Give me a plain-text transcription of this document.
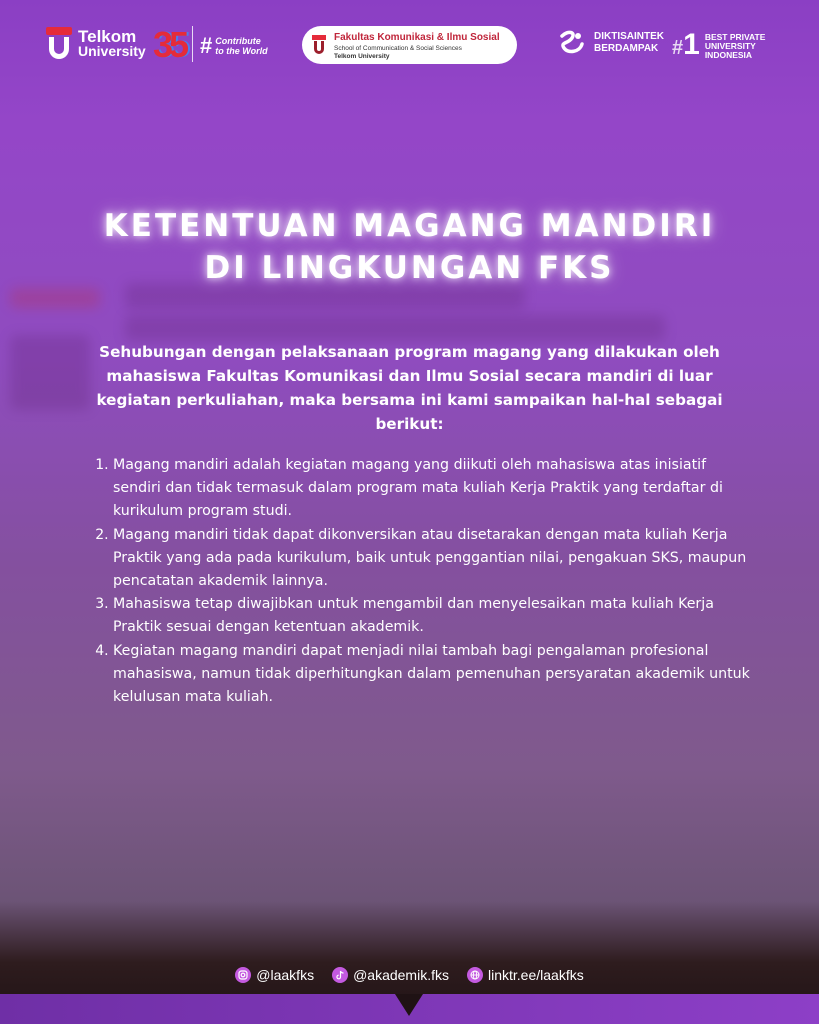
Telkom
University 35 # Contribute
to the World
Fakultas Komunikasi & Ilmu Sosial
School of Communication & Social Sciences
Telkom University
DIKTISAINTEK
BERDAMPAK #1 BEST PRIVATE
UNIVERSITY
INDONESIA
KETENTUAN MAGANG MANDIRI
DI LINGKUNGAN FKS
Sehubungan dengan pelaksanaan program magang yang dilakukan oleh mahasiswa Fakultas Komunikasi dan Ilmu Sosial secara mandiri di luar kegiatan perkuliahan, maka bersama ini kami sampaikan hal-hal sebagai berikut:
1. Magang mandiri adalah kegiatan magang yang diikuti oleh mahasiswa atas inisiatif sendiri dan tidak termasuk dalam program mata kuliah Kerja Praktik yang terdaftar di kurikulum program studi.
2. Magang mandiri tidak dapat dikonversikan atau disetarakan dengan mata kuliah Kerja Praktik yang ada pada kurikulum, baik untuk penggantian nilai, pengakuan SKS, maupun pencatatan akademik lainnya.
3. Mahasiswa tetap diwajibkan untuk mengambil dan menyelesaikan mata kuliah Kerja Praktik sesuai dengan ketentuan akademik.
4. Kegiatan magang mandiri dapat menjadi nilai tambah bagi pengalaman profesional mahasiswa, namun tidak diperhitungkan dalam pemenuhan persyaratan akademik untuk kelulusan mata kuliah.
@laakfks	@akademik.fks	linktr.ee/laakfks
